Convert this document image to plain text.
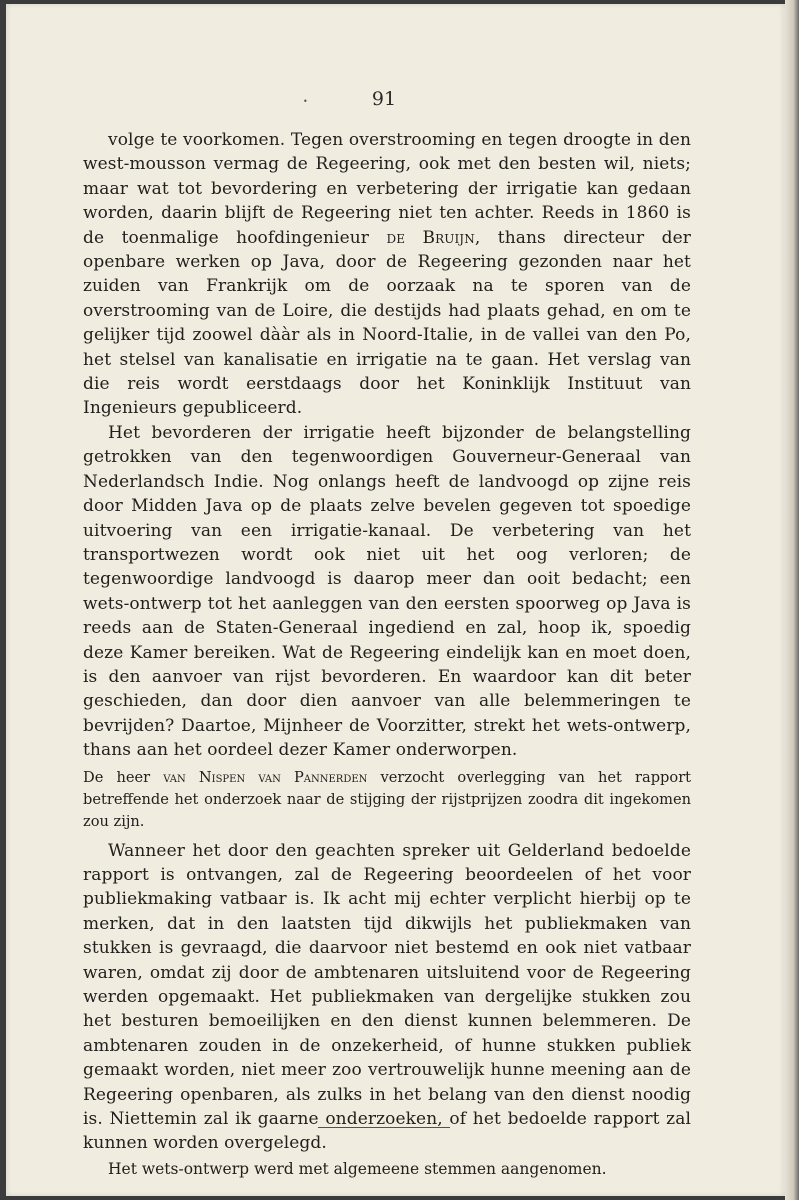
•	91

volge te voorkomen. Tegen overstrooming en tegen droogte in den west-mousson vermag de Regeering, ook met den besten wil, niets; maar wat tot bevordering en verbetering der irrigatie kan gedaan worden, daarin blijft de Regeering niet ten achter. Reeds in 1860 is de toenmalige hoofdingenieur de Bruijn, thans directeur der openbare werken op Java, door de Regeering gezonden naar het zuiden van Frankrijk om de oorzaak na te sporen van de overstrooming van de Loire, die destijds had plaats gehad, en om te gelijker tijd zoowel dààr als in Noord-Italie, in de vallei van den Po, het stelsel van kanalisatie en irrigatie na te gaan. Het verslag van die reis wordt eerstdaags door het Koninklijk Instituut van Ingenieurs gepubliceerd.

Het bevorderen der irrigatie heeft bijzonder de belangstelling getrokken van den tegenwoordigen Gouverneur-Generaal van Nederlandsch Indie. Nog onlangs heeft de landvoogd op zijne reis door Midden Java op de plaats zelve bevelen gegeven tot spoedige uitvoering van een irrigatie-kanaal. De verbetering van het transportwezen wordt ook niet uit het oog verloren; de tegenwoordige landvoogd is daarop meer dan ooit bedacht; een wets-ontwerp tot het aanleggen van den eersten spoorweg op Java is reeds aan de Staten-Generaal ingediend en zal, hoop ik, spoedig deze Kamer bereiken. Wat de Regeering eindelijk kan en moet doen, is den aanvoer van rijst bevorderen. En waardoor kan dit beter geschieden, dan door dien aanvoer van alle belemmeringen te bevrijden? Daartoe, Mijnheer de Voorzitter, strekt het wets-ontwerp, thans aan het oordeel dezer Kamer onderworpen.

De heer van Nispen van Pannerden verzocht overlegging van het rapport betreffende het onderzoek naar de stijging der rijstprijzen zoodra dit ingekomen zou zijn.

Wanneer het door den geachten spreker uit Gelderland bedoelde rapport is ontvangen, zal de Regeering beoordeelen of het voor publiekmaking vatbaar is. Ik acht mij echter verplicht hierbij op te merken, dat in den laatsten tijd dikwijls het publiekmaken van stukken is gevraagd, die daarvoor niet bestemd en ook niet vatbaar waren, omdat zij door de ambtenaren uitsluitend voor de Regeering werden opgemaakt. Het publiekmaken van dergelijke stukken zou het besturen bemoeilijken en den dienst kunnen belemmeren. De ambtenaren zouden in de onzekerheid, of hunne stukken publiek gemaakt worden, niet meer zoo vertrouwelijk hunne meening aan de Regeering openbaren, als zulks in het belang van den dienst noodig is. Niettemin zal ik gaarne onderzoeken, of het bedoelde rapport zal kunnen worden overgelegd.

Het wets-ontwerp werd met algemeene stemmen aangenomen.
